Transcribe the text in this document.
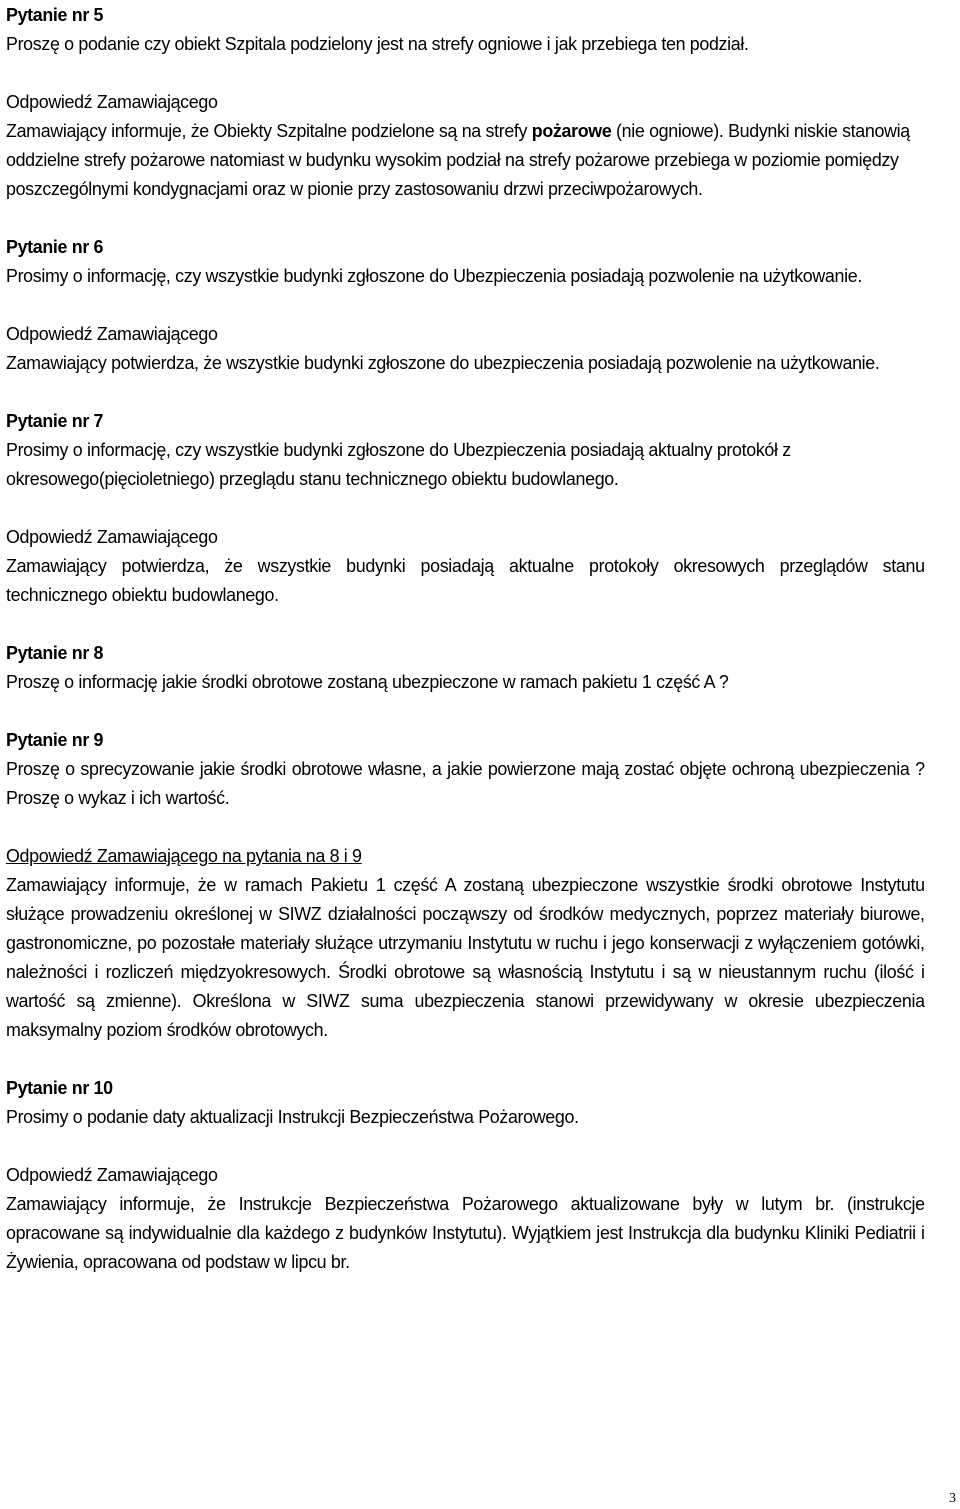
Pytanie nr 5

Proszę o podanie czy obiekt Szpitala podzielony jest na strefy ogniowe i jak przebiega ten podział.

Odpowiedź Zamawiającego

Zamawiający informuje, że Obiekty Szpitalne podzielone są na strefy pożarowe (nie ogniowe). Budynki niskie stanowią oddzielne strefy pożarowe natomiast w budynku wysokim podział na strefy pożarowe przebiega w poziomie pomiędzy poszczególnymi kondygnacjami oraz w pionie przy zastosowaniu drzwi przeciwpożarowych.

Pytanie nr 6

Prosimy o informację, czy wszystkie budynki zgłoszone do Ubezpieczenia posiadają pozwolenie na użytkowanie.

Odpowiedź Zamawiającego

Zamawiający potwierdza, że wszystkie budynki zgłoszone do ubezpieczenia posiadają pozwolenie na użytkowanie.

Pytanie nr 7

Prosimy o informację, czy wszystkie budynki zgłoszone do Ubezpieczenia posiadają aktualny protokół z okresowego(pięcioletniego) przeglądu stanu technicznego obiektu budowlanego.

Odpowiedź Zamawiającego

Zamawiający potwierdza, że wszystkie budynki posiadają aktualne protokoły okresowych przeglądów stanu technicznego obiektu budowlanego.

Pytanie nr 8

Proszę o informację jakie środki obrotowe zostaną ubezpieczone w ramach pakietu 1 część A ?

Pytanie nr 9

Proszę o sprecyzowanie jakie środki obrotowe własne, a jakie powierzone mają zostać objęte ochroną ubezpieczenia ? Proszę o wykaz i ich wartość.

Odpowiedź Zamawiającego na pytania na 8 i 9

Zamawiający informuje, że w ramach Pakietu 1 część A zostaną ubezpieczone wszystkie środki obrotowe Instytutu służące prowadzeniu określonej w SIWZ działalności począwszy od środków medycznych, poprzez materiały biurowe, gastronomiczne, po pozostałe materiały służące utrzymaniu Instytutu w ruchu i jego konserwacji z wyłączeniem gotówki, należności i rozliczeń międzyokresowych. Środki obrotowe są własnością Instytutu i są w nieustannym ruchu (ilość i wartość są zmienne). Określona w SIWZ suma ubezpieczenia stanowi przewidywany w okresie ubezpieczenia maksymalny poziom środków obrotowych.

Pytanie nr 10

Prosimy o podanie daty aktualizacji Instrukcji Bezpieczeństwa Pożarowego.

Odpowiedź Zamawiającego

Zamawiający informuje, że Instrukcje Bezpieczeństwa Pożarowego aktualizowane były w lutym br. (instrukcje opracowane są indywidualnie dla każdego z budynków Instytutu). Wyjątkiem jest Instrukcja dla budynku Kliniki Pediatrii i Żywienia, opracowana od podstaw w lipcu br.

3
